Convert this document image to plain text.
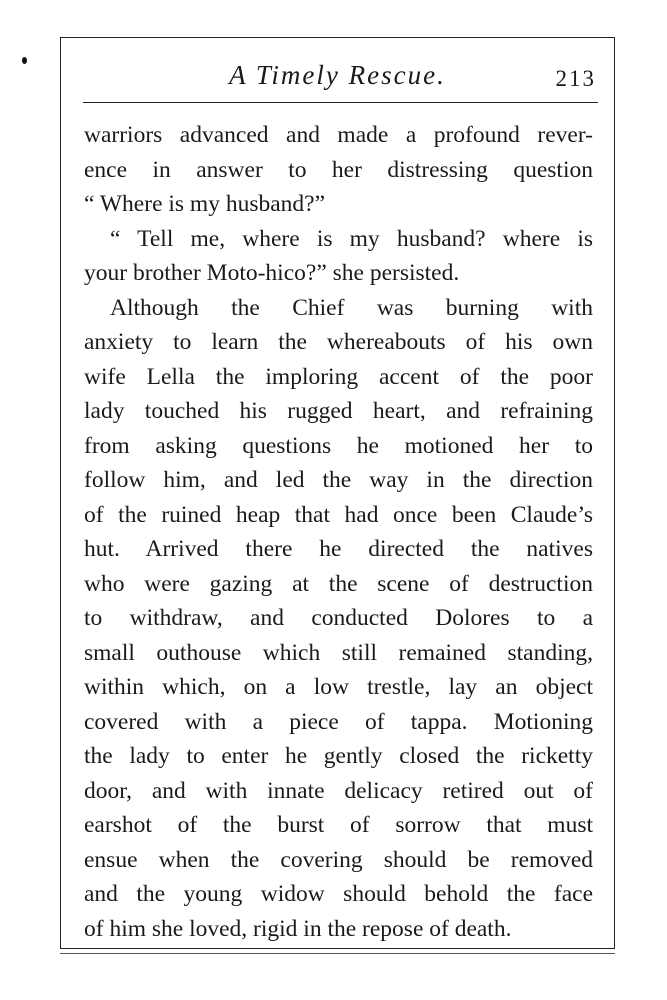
A Timely Rescue.	213
warriors advanced and made a profound rever-
ence in answer to her distressing question
“ Where is my husband?”
“ Tell me, where is my husband? where is
your brother Moto-hico?” she persisted.
Although the Chief was burning with
anxiety to learn the whereabouts of his own
wife Lella the imploring accent of the poor
lady touched his rugged heart, and refraining
from asking questions he motioned her to
follow him, and led the way in the direction
of the ruined heap that had once been Claude’s
hut. Arrived there he directed the natives
who were gazing at the scene of destruction
to withdraw, and conducted Dolores to a
small outhouse which still remained standing,
within which, on a low trestle, lay an object
covered with a piece of tappa. Motioning
the lady to enter he gently closed the ricketty
door, and with innate delicacy retired out of
earshot of the burst of sorrow that must
ensue when the covering should be removed
and the young widow should behold the face
of him she loved, rigid in the repose of death.
